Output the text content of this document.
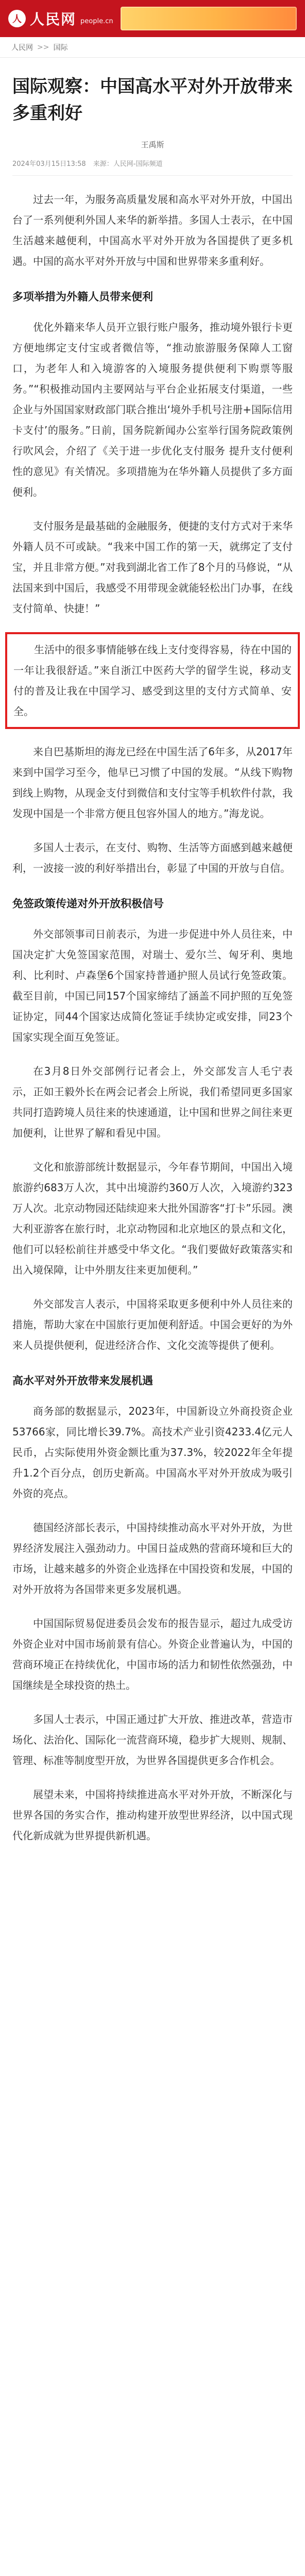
人 人民网 people.cn
人民网 >> 国际
国际观察：中国高水平对外开放带来多重利好
王禹斯
2024年03月15日13:58 来源：人民网-国际频道

过去一年，为服务高质量发展和高水平对外开放，中国出台了一系列便利外国人来华的新举措。多国人士表示，在中国生活越来越便利，中国高水平对外开放为各国提供了更多机遇。中国的高水平对外开放与中国和世界带来多重利好。

多项举措为外籍人员带来便利

优化外籍来华人员开立银行账户服务，推动境外银行卡更方便地绑定支付宝或者微信等，“推动旅游服务保障人工窗口，为老年人和入境游客的入境服务提供便利下购票等服务。”“积极推动国内主要网站与平台企业拓展支付渠道，一些企业与外国国家财政部门联合推出‘境外手机号注册+国际信用卡支付’的服务。”日前，国务院新闻办公室举行国务院政策例行吹风会，介绍了《关于进一步优化支付服务 提升支付便利性的意见》有关情况。多项措施为在华外籍人员提供了多方面便利。

支付服务是最基础的金融服务，便捷的支付方式对于来华外籍人员不可或缺。“我来中国工作的第一天，就绑定了支付宝，并且非常方便。”对我到湖北省工作了8个月的马修说，“从法国来到中国后，我感受不用带现金就能轻松出门办事，在线支付简单、快捷！”

生活中的很多事情能够在线上支付变得容易，待在中国的一年让我很舒适。”来自浙江中医药大学的留学生说，移动支付的普及让我在中国学习、感受到这里的支付方式简单、安全。

来自巴基斯坦的海龙已经在中国生活了6年多，从2017年来到中国学习至今，他早已习惯了中国的发展。“从线下购物到线上购物，从现金支付到微信和支付宝等手机软件付款，我发现中国是一个非常方便且包容外国人的地方。”海龙说。

多国人士表示，在支付、购物、生活等方面感到越来越便利，一波接一波的利好举措出台，彰显了中国的开放与自信。

免签政策传递对外开放积极信号

外交部领事司日前表示，为进一步促进中外人员往来，中国决定扩大免签国家范围，对瑞士、爱尔兰、匈牙利、奥地利、比利时、卢森堡6个国家持普通护照人员试行免签政策。截至目前，中国已同157个国家缔结了涵盖不同护照的互免签证协定，同44个国家达成简化签证手续协定或安排，同23个国家实现全面互免签证。

在3月8日外交部例行记者会上，外交部发言人毛宁表示，正如王毅外长在两会记者会上所说，我们希望同更多国家共同打造跨境人员往来的快速通道，让中国和世界之间往来更加便利，让世界了解和看见中国。

文化和旅游部统计数据显示，今年春节期间，中国出入境旅游约683万人次，其中出境游约360万人次，入境游约323万人次。北京动物园还陆续迎来大批外国游客“打卡”乐园。澳大利亚游客在旅行时，北京动物园和北京地区的景点和文化，他们可以轻松前往并感受中华文化。“我们要做好政策落实和出入境保障，让中外朋友往来更加便利。”

外交部发言人表示，中国将采取更多便利中外人员往来的措施，帮助大家在中国旅行更加便利舒适。中国会更好的为外来人员提供便利，促进经济合作、文化交流等提供了便利。

高水平对外开放带来发展机遇

商务部的数据显示，2023年，中国新设立外商投资企业53766家，同比增长39.7%。高技术产业引资4233.4亿元人民币，占实际使用外资金额比重为37.3%，较2022年全年提升1.2个百分点，创历史新高。中国高水平对外开放成为吸引外资的亮点。

德国经济部长表示，中国持续推动高水平对外开放，为世界经济发展注入强劲动力。中国日益成熟的营商环境和巨大的市场，让越来越多的外资企业选择在中国投资和发展，中国的对外开放将为各国带来更多发展机遇。

中国国际贸易促进委员会发布的报告显示，超过九成受访外资企业对中国市场前景有信心。外资企业普遍认为，中国的营商环境正在持续优化，中国市场的活力和韧性依然强劲，中国继续是全球投资的热土。

多国人士表示，中国正通过扩大开放、推进改革，营造市场化、法治化、国际化一流营商环境，稳步扩大规则、规制、管理、标准等制度型开放，为世界各国提供更多合作机会。

展望未来，中国将持续推进高水平对外开放，不断深化与世界各国的务实合作，推动构建开放型世界经济，以中国式现代化新成就为世界提供新机遇。
